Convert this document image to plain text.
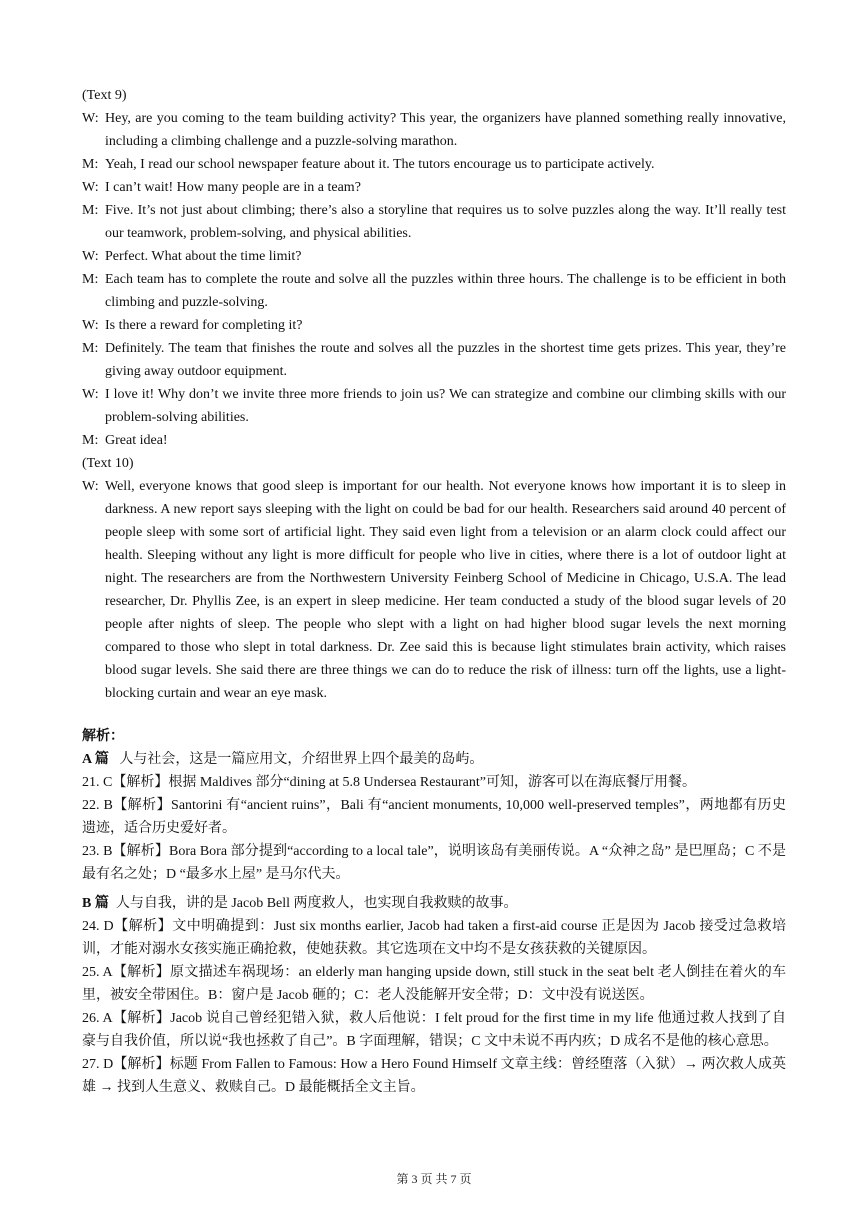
(Text 9)
W: Hey, are you coming to the team building activity? This year, the organizers have planned something really innovative, including a climbing challenge and a puzzle-solving marathon.
M: Yeah, I read our school newspaper feature about it. The tutors encourage us to participate actively.
W: I can’t wait! How many people are in a team?
M: Five. It’s not just about climbing; there’s also a storyline that requires us to solve puzzles along the way. It’ll really test our teamwork, problem-solving, and physical abilities.
W: Perfect. What about the time limit?
M: Each team has to complete the route and solve all the puzzles within three hours. The challenge is to be efficient in both climbing and puzzle-solving.
W: Is there a reward for completing it?
M: Definitely. The team that finishes the route and solves all the puzzles in the shortest time gets prizes. This year, they’re giving away outdoor equipment.
W: I love it! Why don’t we invite three more friends to join us? We can strategize and combine our climbing skills with our problem-solving abilities.
M: Great idea!
(Text 10)
W: Well, everyone knows that good sleep is important for our health. Not everyone knows how important it is to sleep in darkness. A new report says sleeping with the light on could be bad for our health. Researchers said around 40 percent of people sleep with some sort of artificial light. They said even light from a television or an alarm clock could affect our health. Sleeping without any light is more difficult for people who live in cities, where there is a lot of outdoor light at night. The researchers are from the Northwestern University Feinberg School of Medicine in Chicago, U.S.A. The lead researcher, Dr. Phyllis Zee, is an expert in sleep medicine. Her team conducted a study of the blood sugar levels of 20 people after nights of sleep. The people who slept with a light on had higher blood sugar levels the next morning compared to those who slept in total darkness. Dr. Zee said this is because light stimulates brain activity, which raises blood sugar levels. She said there are three things we can do to reduce the risk of illness: turn off the lights, use a light-blocking curtain and wear an eye mask.
解析：
A 篇 人与社会，这是一篇应用文，介绍世界上四个最美的岛屿。
21. C【解析】根据 Maldives 部分“dining at 5.8 Undersea Restaurant”可知，游客可以在海底餐厅用餐。
22. B【解析】Santorini 有“ancient ruins”，Bali 有“ancient monuments, 10,000 well-preserved temples”，两地都有历史遗迹，适合历史爱好者。
23. B【解析】Bora Bora 部分提到“according to a local tale”，说明该岛有美丽传说。A “众神之岛” 是巴厘岛；C 不是最有名之处；D “最多水上屋” 是马尔代夫。
B 篇 人与自我，讲的是 Jacob Bell 两度救人，也实现自我救赎的故事。
24. D【解析】文中明确提到：Just six months earlier, Jacob had taken a first-aid course 正是因为 Jacob 接受过急救培训，才能对溺水女孩实施正确抢救，使她获救。其它选项在文中均不是女孩获救的关键原因。
25. A【解析】原文描述车祸现场：an elderly man hanging upside down, still stuck in the seat belt 老人倒挂在着火的车里，被安全带困住。B：窗户是 Jacob 砸的；C：老人没能解开安全带；D：文中没有说送医。
26. A【解析】Jacob 说自己曾经犯错入狱，救人后他说：I felt proud for the first time in my life 他通过救人找到了自豪与自我价值，所以说“我也拯救了自己”。B 字面理解，错误；C 文中未说不再内疚；D 成名不是他的核心意思。
27. D【解析】标题 From Fallen to Famous: How a Hero Found Himself 文章主线：曾经堕落（入狱）→ 两次救人成英雄 → 找到人生意义、救赎自己。D 最能概括全文主旨。
第 3 页 共 7 页
